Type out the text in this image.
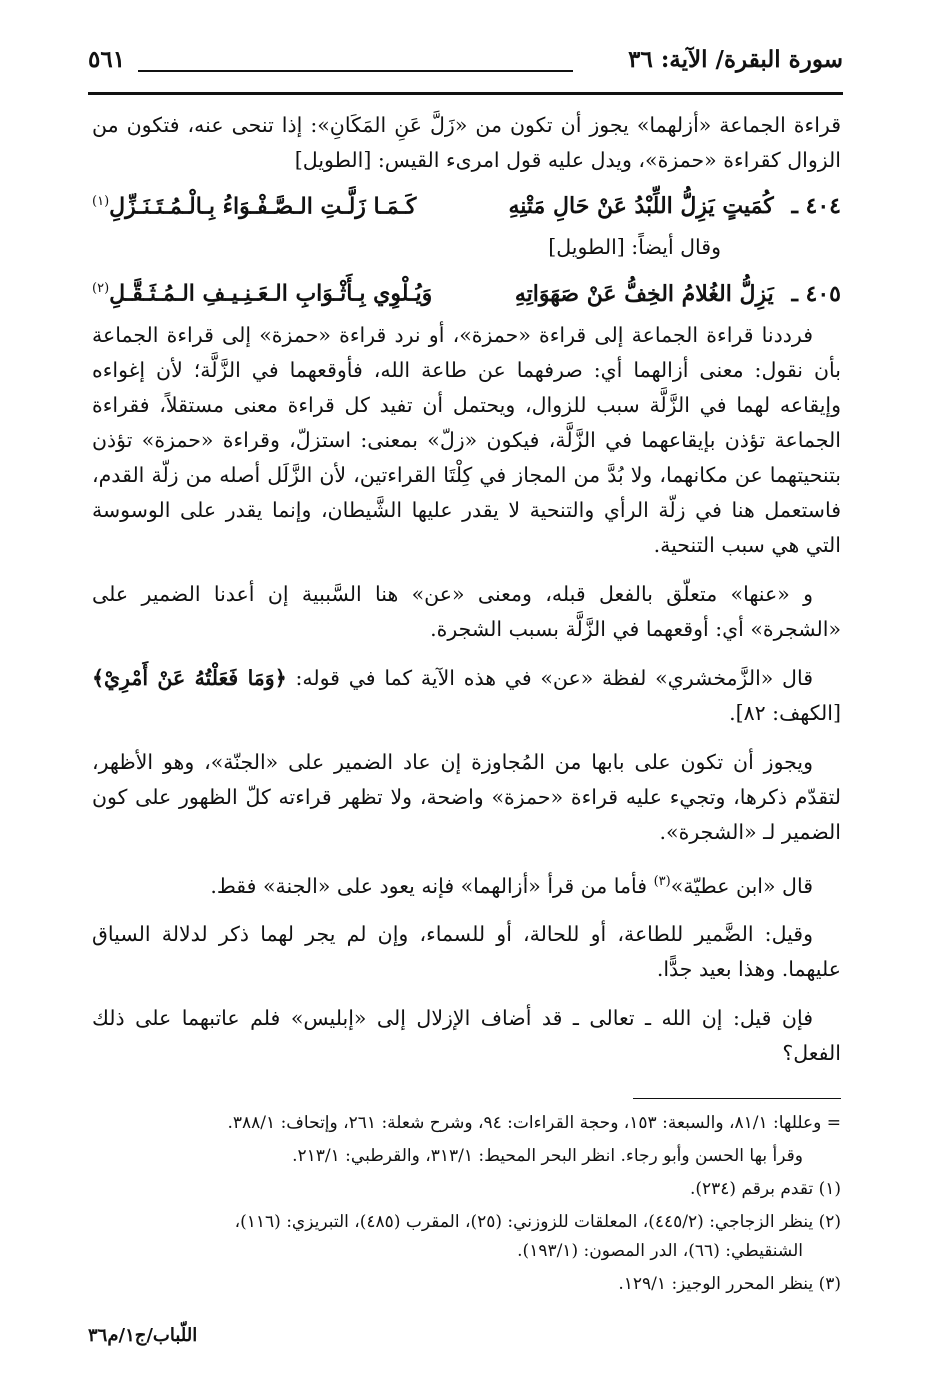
سورة البقرة/ الآية: ٣٦
٥٦١

قراءة الجماعة «أزلهما» يجوز أن تكون من «زَلَّ عَنِ المَكَانِ»: إذا تنحى عنه، فتكون من الزوال كقراءة «حمزة»، ويدل عليه قول امرىء القيس: [الطويل]

٤٠٤ ـ كُمَيتٍ يَزِلُّ اللِّبْدُ عَنْ حَالِ مَتْنِهِ
كَـمَـا زَلَّـتِ الـصَّـفْـوَاءُ بِـالْـمُـتَـنَـزِّلِ$^{(١)}$

وقال أيضاً: [الطويل]

٤٠٥ ـ يَزِلُّ الغُلامُ الخِفُّ عَنْ صَهَوَاتِهِ
وَيُـلْوِي بِـأَثْـوَابِ الـعَـنِـيـفِ الـمُـثَـقَّـلِ$^{(٢)}$

فرددنا قراءة الجماعة إلى قراءة «حمزة»، أو نرد قراءة «حمزة» إلى قراءة الجماعة بأن نقول: معنى أزالهما أي: صرفهما عن طاعة الله، فأوقعهما في الزَّلَّة؛ لأن إغواءه وإيقاعه لهما في الزَّلَّة سبب للزوال، ويحتمل أن تفيد كل قراءة معنى مستقلاً، فقراءة الجماعة تؤذن بإيقاعهما في الزَّلَّة، فيكون «زلّ» بمعنى: استزلّ، وقراءة «حمزة» تؤذن بتنحيتهما عن مكانهما، ولا بُدَّ من المجاز في كِلْتَا القراءتين، لأن الزَّلَل أصله من زلّة القدم، فاستعمل هنا في زلّة الرأي والتنحية لا يقدر عليها الشَّيطان، وإنما يقدر على الوسوسة التي هي سبب التنحية.

و «عنها» متعلّق بالفعل قبله، ومعنى «عن» هنا السَّببية إن أعدنا الضمير على «الشجرة» أي: أوقعهما في الزَّلَّة بسبب الشجرة.

قال «الزَّمخشري» لفظة «عن» في هذه الآية كما في قوله: ﴿وَمَا فَعَلْتُهُ عَنْ أَمْرِيْ﴾ [الكهف: ٨٢].

ويجوز أن تكون على بابها من المُجاوزة إن عاد الضمير على «الجنّة»، وهو الأظهر، لتقدّم ذكرها، وتجيء عليه قراءة «حمزة» واضحة، ولا تظهر قراءته كلّ الظهور على كون الضمير لـ «الشجرة».

قال «ابن عطيّة»$^{(٣)}$ فأما من قرأ «أزالهما» فإنه يعود على «الجنة» فقط.

وقيل: الضَّمير للطاعة، أو للحالة، أو للسماء، وإن لم يجر لهما ذكر لدلالة السياق عليهما. وهذا بعيد جدًّا.

فإن قيل: إن الله ـ تعالى ـ قد أضاف الإزلال إلى «إبليس» فلم عاتبهما على ذلك الفعل؟

= وعللها: ٨١/١، والسبعة: ١٥٣، وحجة القراءات: ٩٤، وشرح شعلة: ٢٦١، وإتحاف: ٣٨٨/١.
وقرأ بها الحسن وأبو رجاء. انظر البحر المحيط: ٣١٣/١، والقرطبي: ٢١٣/١.
(١) تقدم برقم (٢٣٤).
(٢) ينظر الزجاجي: (٤٤٥/٢)، المعلقات للزوزني: (٢٥)، المقرب (٤٨٥)، التبريزي: (١١٦)،
الشنقيطي: (٦٦)، الدر المصون: (١٩٣/١).
(٣) ينظر المحرر الوجيز: ١٢٩/١.
اللّباب/ج١/م٣٦
